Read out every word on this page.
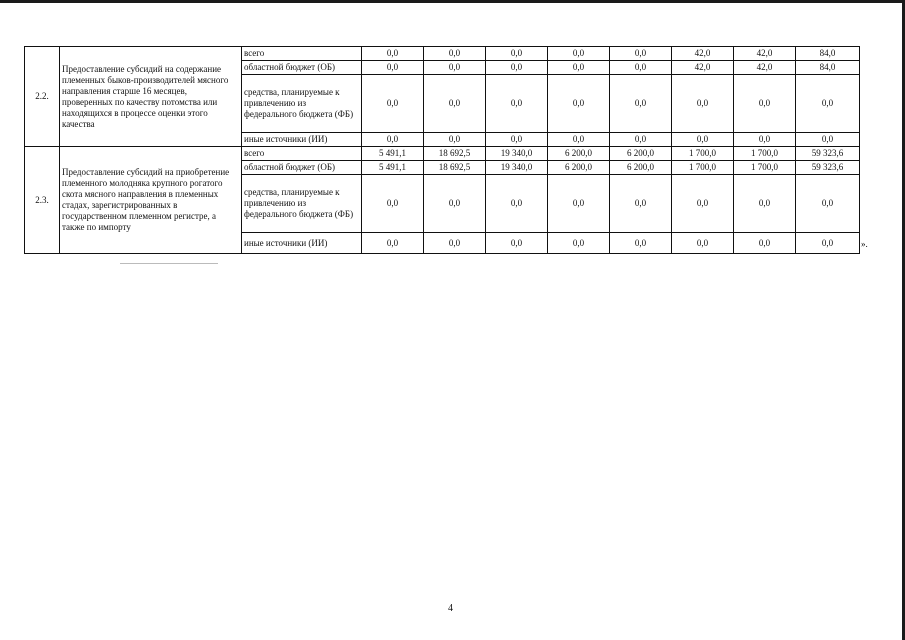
2.2.	Предоставление субсидий на содержание племенных быков-производителей мясного направления старше 16 месяцев, проверенных по качеству потомства или находящихся в процессе оценки этого качества	всего	0,0	0,0	0,0	0,0	0,0	42,0	42,0	84,0
		областной бюджет (ОБ)	0,0	0,0	0,0	0,0	0,0	42,0	42,0	84,0
		средства, планируемые к привлечению из федерального бюджета (ФБ)	0,0	0,0	0,0	0,0	0,0	0,0	0,0	0,0
		иные источники (ИИ)	0,0	0,0	0,0	0,0	0,0	0,0	0,0	0,0
2.3.	Предоставление субсидий на приобретение племенного молодняка крупного рогатого скота мясного направления в племенных стадах, зарегистрированных в государственном племенном регистре, а также по импорту	всего	5 491,1	18 692,5	19 340,0	6 200,0	6 200,0	1 700,0	1 700,0	59 323,6
		областной бюджет (ОБ)	5 491,1	18 692,5	19 340,0	6 200,0	6 200,0	1 700,0	1 700,0	59 323,6
		средства, планируемые к привлечению из федерального бюджета (ФБ)	0,0	0,0	0,0	0,0	0,0	0,0	0,0	0,0
		иные источники (ИИ)	0,0	0,0	0,0	0,0	0,0	0,0	0,0	0,0	».
4
